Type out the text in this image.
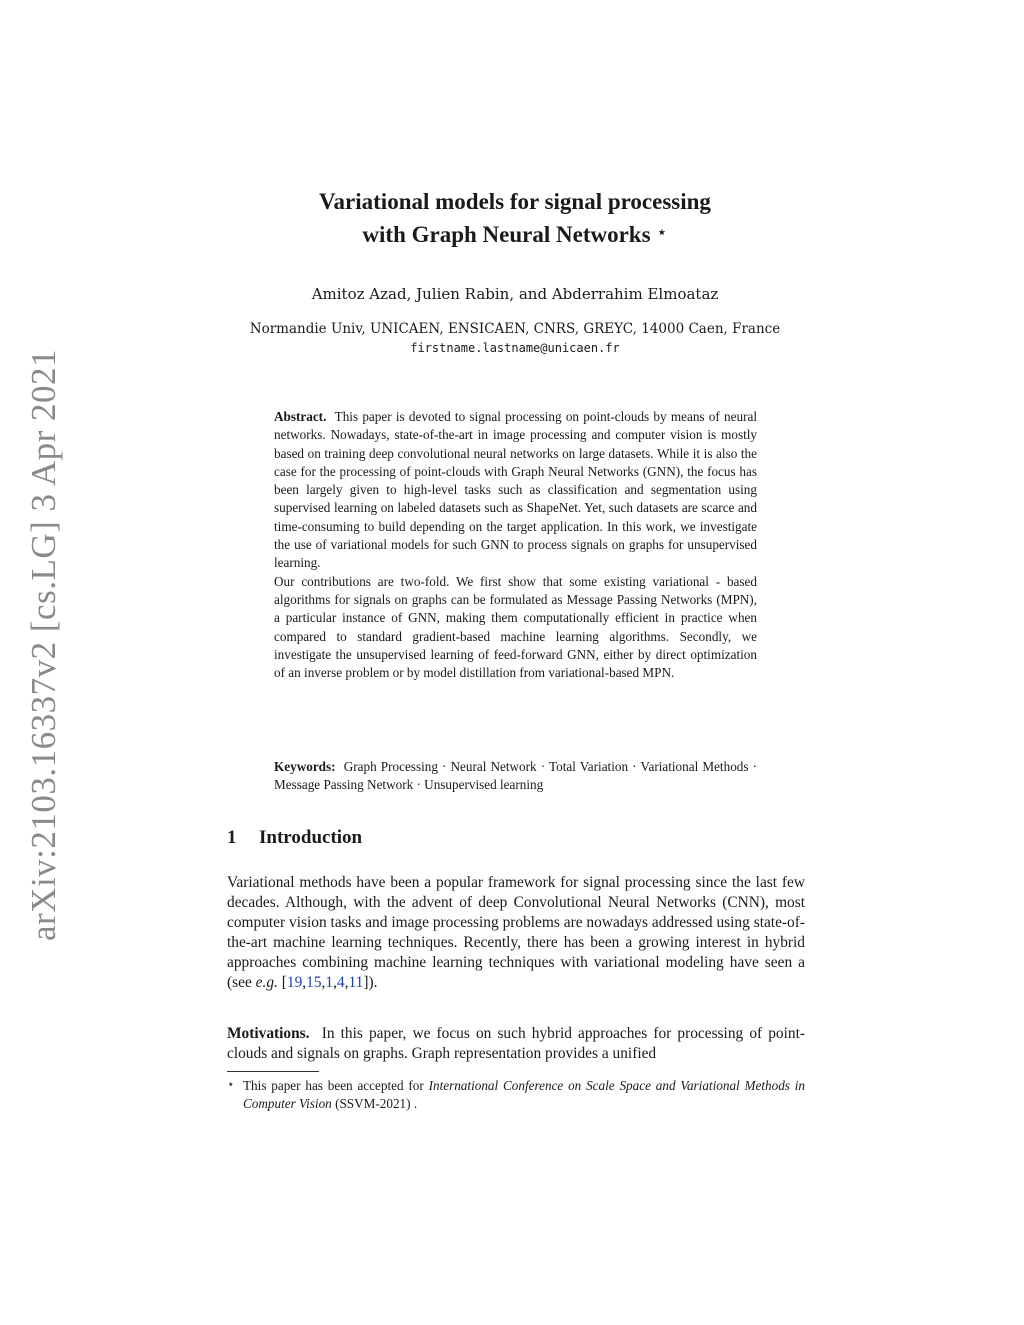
arXiv:2103.16337v2 [cs.LG] 3 Apr 2021
Variational models for signal processing
with Graph Neural Networks ⋆
Amitoz Azad, Julien Rabin, and Abderrahim Elmoataz
Normandie Univ, UNICAEN, ENSICAEN, CNRS, GREYC, 14000 Caen, France
firstname.lastname@unicaen.fr

Abstract. This paper is devoted to signal processing on point-clouds by means of neural networks. Nowadays, state-of-the-art in image processing and computer vision is mostly based on training deep convolutional neural networks on large datasets. While it is also the case for the processing of point-clouds with Graph Neural Networks (GNN), the focus has been largely given to high-level tasks such as classification and segmentation using supervised learning on labeled datasets such as ShapeNet. Yet, such datasets are scarce and time-consuming to build depending on the target application. In this work, we investigate the use of variational models for such GNN to process signals on graphs for unsupervised learning.

Our contributions are two-fold. We first show that some existing variational - based algorithms for signals on graphs can be formulated as Message Passing Networks (MPN), a particular instance of GNN, making them computationally efficient in practice when compared to standard gradient-based machine learning algorithms. Secondly, we investigate the unsupervised learning of feed-forward GNN, either by direct optimization of an inverse problem or by model distillation from variational-based MPN.

Keywords: Graph Processing · Neural Network · Total Variation · Variational Methods · Message Passing Network · Unsupervised learning
1 Introduction
Variational methods have been a popular framework for signal processing since the last few decades. Although, with the advent of deep Convolutional Neural Networks (CNN), most computer vision tasks and image processing problems are nowadays addressed using state-of-the-art machine learning techniques. Recently, there has been a growing interest in hybrid approaches combining machine learning techniques with variational modeling have seen a (see e.g. [19,15,1,4,11]).
Motivations. In this paper, we focus on such hybrid approaches for processing of point-clouds and signals on graphs. Graph representation provides a unified
⋆ This paper has been accepted for International Conference on Scale Space and Variational Methods in Computer Vision (SSVM-2021) .
